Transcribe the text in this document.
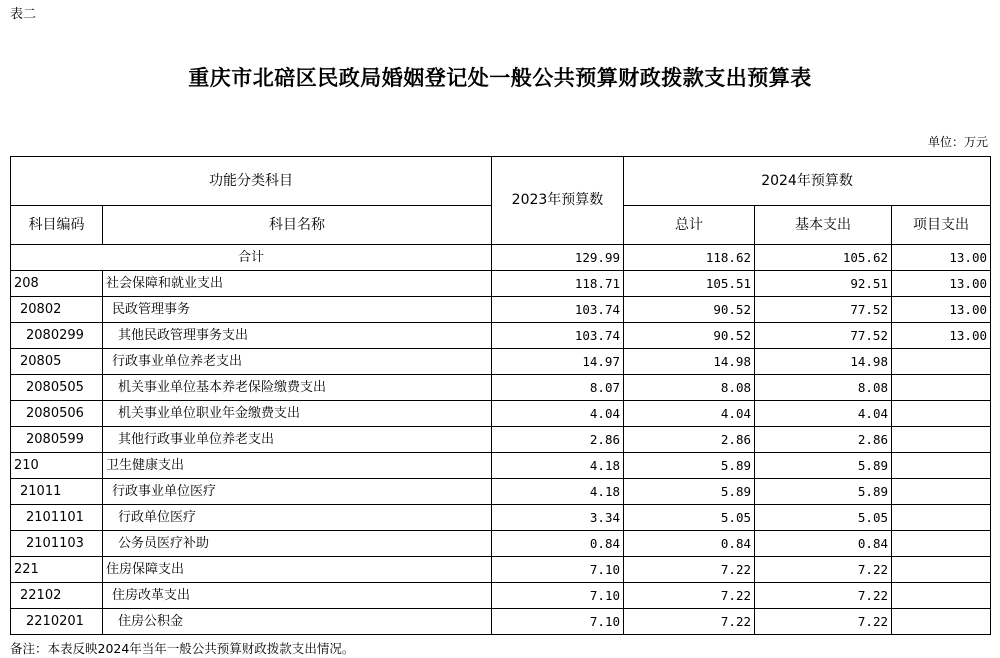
表二
重庆市北碚区民政局婚姻登记处一般公共预算财政拨款支出预算表
单位：万元
功能分类科目		2023年预算数	2024年预算数		
科目编码	科目名称		总计	基本支出	项目支出
合计		129.99	118.62	105.62	13.00
208	社会保障和就业支出	118.71	105.51	92.51	13.00
20802	民政管理事务	103.74	90.52	77.52	13.00
2080299	其他民政管理事务支出	103.74	90.52	77.52	13.00
20805	行政事业单位养老支出	14.97	14.98	14.98	
2080505	机关事业单位基本养老保险缴费支出	8.07	8.08	8.08	
2080506	机关事业单位职业年金缴费支出	4.04	4.04	4.04	
2080599	其他行政事业单位养老支出	2.86	2.86	2.86	
210	卫生健康支出	4.18	5.89	5.89	
21011	行政事业单位医疗	4.18	5.89	5.89	
2101101	行政单位医疗	3.34	5.05	5.05	
2101103	公务员医疗补助	0.84	0.84	0.84	
221	住房保障支出	7.10	7.22	7.22	
22102	住房改革支出	7.10	7.22	7.22	
2210201	住房公积金	7.10	7.22	7.22	
备注：本表反映2024年当年一般公共预算财政拨款支出情况。
